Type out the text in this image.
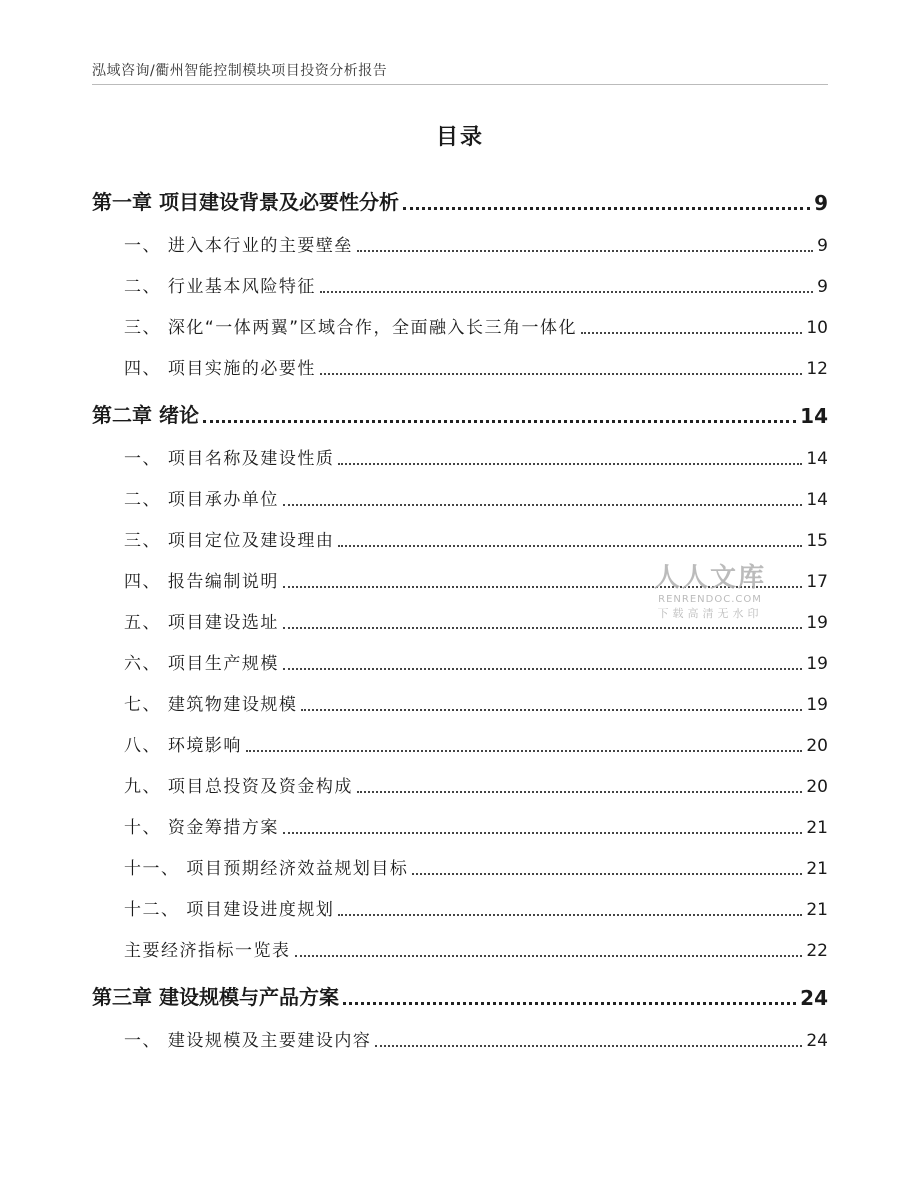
泓域咨询/衢州智能控制模块项目投资分析报告
目录
第一章 项目建设背景及必要性分析	9
一、 进入本行业的主要壁垒	9
二、 行业基本风险特征	9
三、 深化“一体两翼”区域合作，全面融入长三角一体化	10
四、 项目实施的必要性	12
第二章 绪论	14
一、 项目名称及建设性质	14
二、 项目承办单位	14
三、 项目定位及建设理由	15
四、 报告编制说明	17
五、 项目建设选址	19
六、 项目生产规模	19
七、 建筑物建设规模	19
八、 环境影响	20
九、 项目总投资及资金构成	20
十、 资金筹措方案	21
十一、 项目预期经济效益规划目标	21
十二、 项目建设进度规划	21
主要经济指标一览表	22
第三章 建设规模与产品方案	24
一、 建设规模及主要建设内容	24
人人文库
RENRENDOC.COM
下载高清无水印
